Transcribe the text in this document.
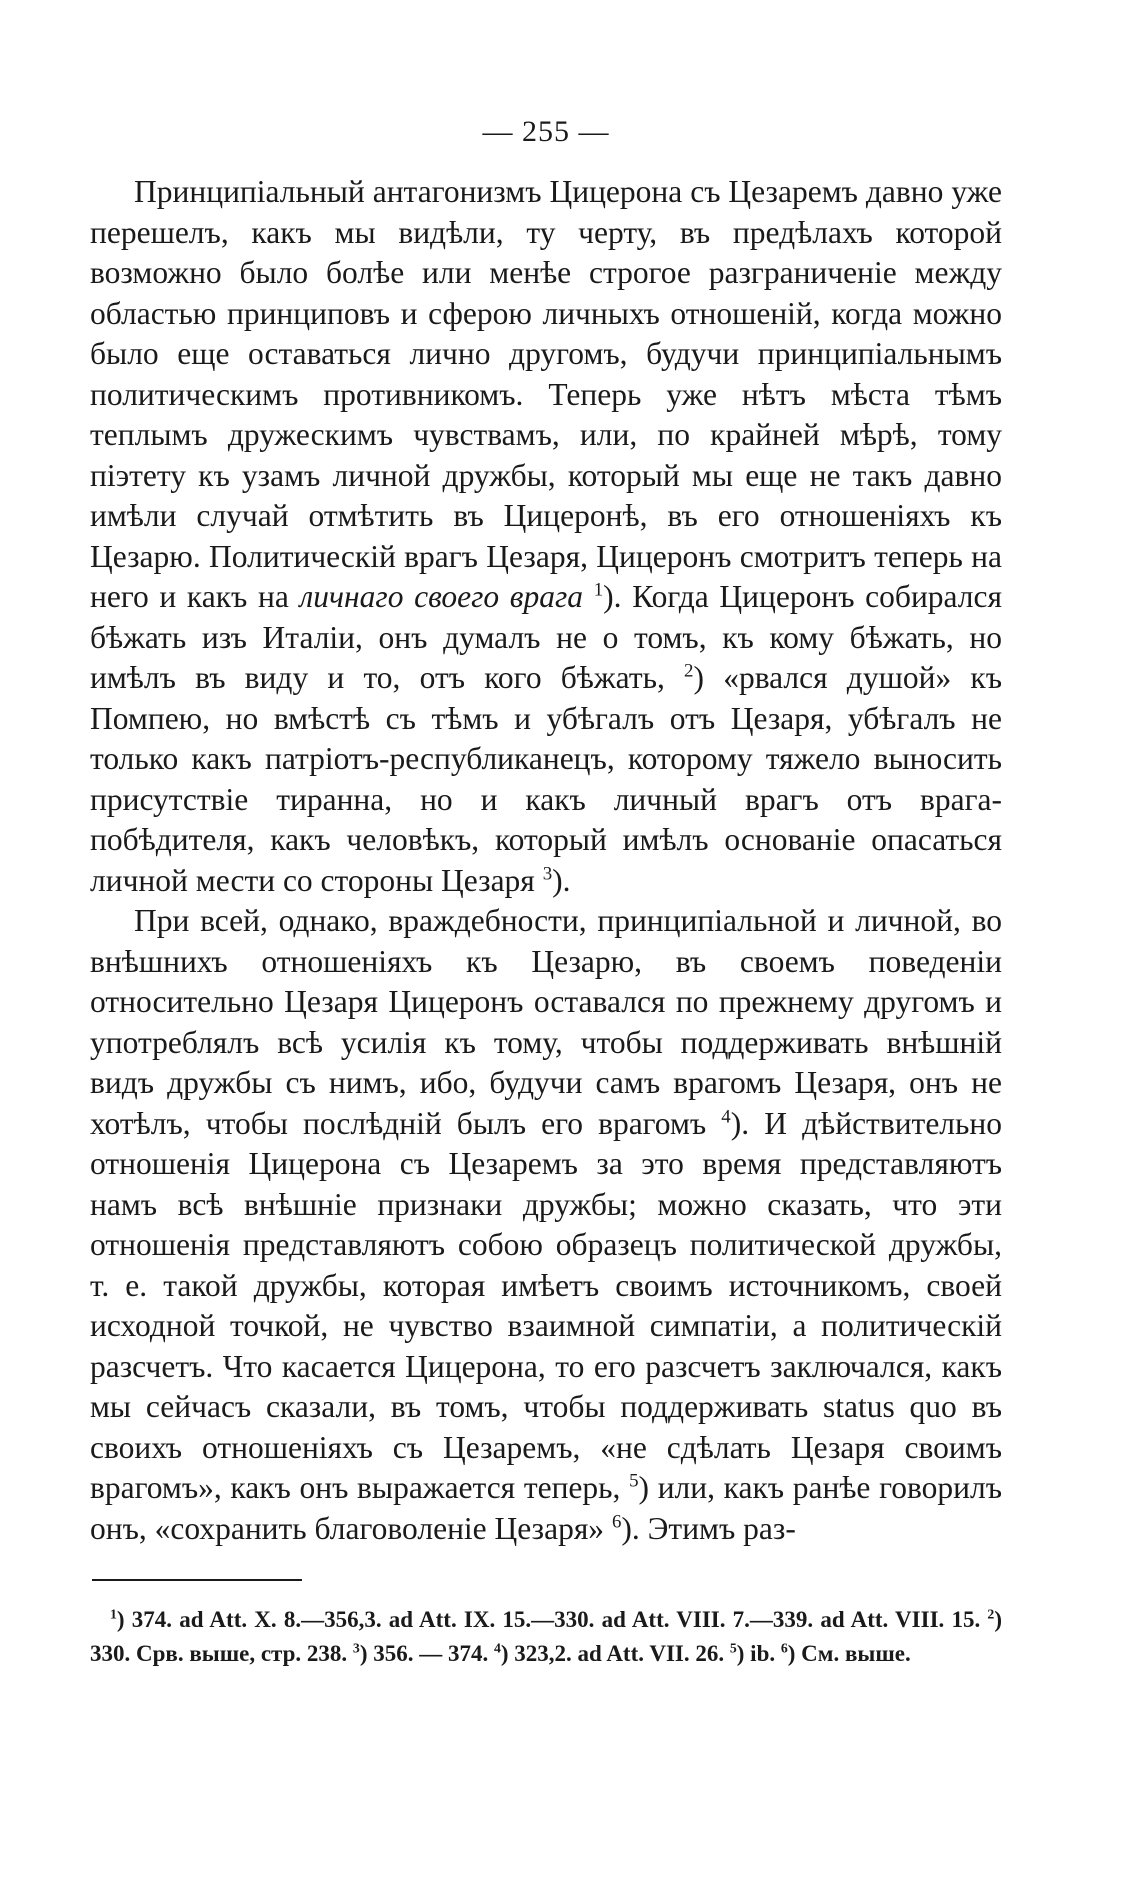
— 255 —

Принципіальный антагонизмъ Цицерона съ Цезаремъ давно уже перешелъ, какъ мы видѣли, ту черту, въ предѣлахъ которой возможно было болѣе или менѣе строгое разграниченіе между областью принциповъ и сферою личныхъ отношеній, когда можно было еще оставаться лично другомъ, будучи принципіальнымъ политическимъ противникомъ. Теперь уже нѣтъ мѣста тѣмъ теплымъ дружескимъ чувствамъ, или, по крайней мѣрѣ, тому піэтету къ узамъ личной дружбы, который мы еще не такъ давно имѣли случай отмѣтить въ Цицеронѣ, въ его отношеніяхъ къ Цезарю. Политическій врагъ Цезаря, Цицеронъ смотритъ теперь на него и какъ на личнаго своего врага $^1$). Когда Цицеронъ собирался бѣжать изъ Италіи, онъ думалъ не о томъ, къ кому бѣжать, но имѣлъ въ виду и то, отъ кого бѣжать, $^2$) «рвался душой» къ Помпею, но вмѣстѣ съ тѣмъ и убѣгалъ отъ Цезаря, убѣгалъ не только какъ патріотъ-республиканецъ, которому тяжело выносить присутствіе тиранна, но и какъ личный врагъ отъ врага-побѣдителя, какъ человѣкъ, который имѣлъ основаніе опасаться личной мести со стороны Цезаря $^3$).

При всей, однако, враждебности, принципіальной и личной, во внѣшнихъ отношеніяхъ къ Цезарю, въ своемъ поведеніи относительно Цезаря Цицеронъ оставался по прежнему другомъ и употреблялъ всѣ усилія къ тому, чтобы поддерживать внѣшній видъ дружбы съ нимъ, ибо, будучи самъ врагомъ Цезаря, онъ не хотѣлъ, чтобы послѣдній былъ его врагомъ $^4$). И дѣйствительно отношенія Цицерона съ Цезаремъ за это время представляютъ намъ всѣ внѣшніе признаки дружбы; можно сказать, что эти отношенія представляютъ собою образецъ политической дружбы, т. е. такой дружбы, которая имѣетъ своимъ источникомъ, своей исходной точкой, не чувство взаимной симпатіи, а политическій разсчетъ. Что касается Цицерона, то его разсчетъ заключался, какъ мы сейчасъ сказали, въ томъ, чтобы поддерживать status quo въ своихъ отношеніяхъ съ Цезаремъ, «не сдѣлать Цезаря своимъ врагомъ», какъ онъ выражается теперь, $^5$) или, какъ ранѣе говорилъ онъ, «сохранить благоволеніе Цезаря» $^6$). Этимъ раз-

$^1$) 374. ad Att. X. 8.—356,3. ad Att. IX. 15.—330. ad Att. VIII. 7.—339. ad Att. VIII. 15. $^2$) 330. Срв. выше, стр. 238. $^3$) 356. — 374. $^4$) 323,2. ad Att. VII. 26. $^5$) ib. $^6$) См. выше.
